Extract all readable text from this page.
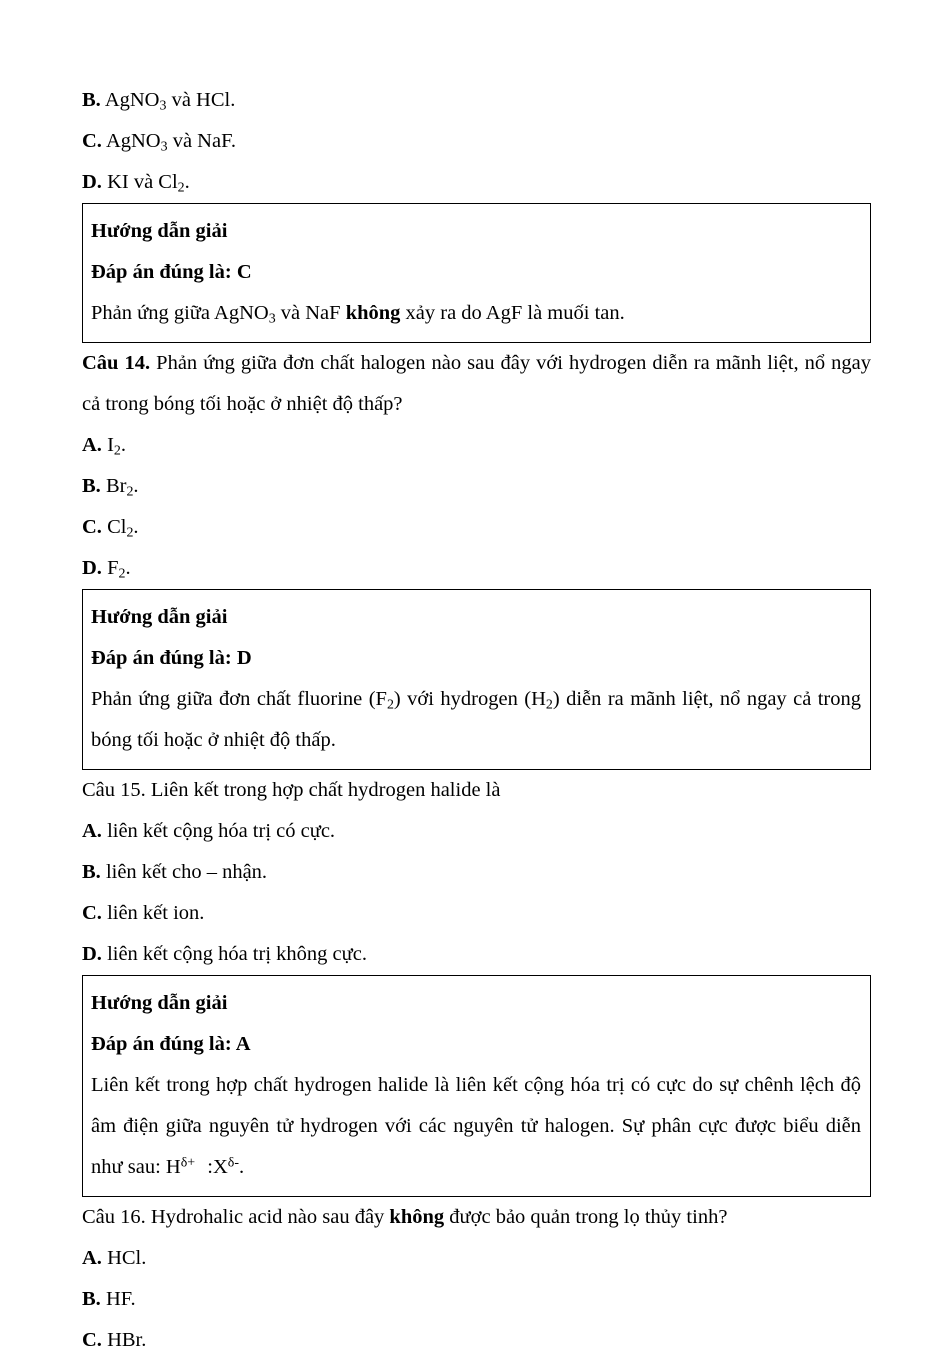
B. AgNO$_3$ và HCl.
C. AgNO$_3$ và NaF.
D. KI và $Cl_2$.
Hướng dẫn giải
Đáp án đúng là: C
Phản ứng giữa AgNO$_3$ và NaF không xảy ra do AgF là muối tan.
Câu 14. Phản ứng giữa đơn chất halogen nào sau đây với hydrogen diễn ra mãnh liệt, nổ ngay cả trong bóng tối hoặc ở nhiệt độ thấp?
A. $I_2$.
B. $Br_2$.
C. $Cl_2$.
D. $F_2$.
Hướng dẫn giải
Đáp án đúng là: D
Phản ứng giữa đơn chất fluorine $(F_2)$ với hydrogen $(H_2)$ diễn ra mãnh liệt, nổ ngay cả trong bóng tối hoặc ở nhiệt độ thấp.
Câu 15. Liên kết trong hợp chất hydrogen halide là
A. liên kết cộng hóa trị có cực.
B. liên kết cho – nhận.
C. liên kết ion.
D. liên kết cộng hóa trị không cực.
Hướng dẫn giải
Đáp án đúng là: A
Liên kết trong hợp chất hydrogen halide là liên kết cộng hóa trị có cực do sự chênh lệch độ âm điện giữa nguyên tử hydrogen với các nguyên tử halogen. Sự phân cực được biểu diễn như sau: $H^{\delta+}$ $:X^{\delta-}$.
Câu 16. Hydrohalic acid nào sau đây không được bảo quản trong lọ thủy tinh?
A. HCl.
B. HF.
C. HBr.
